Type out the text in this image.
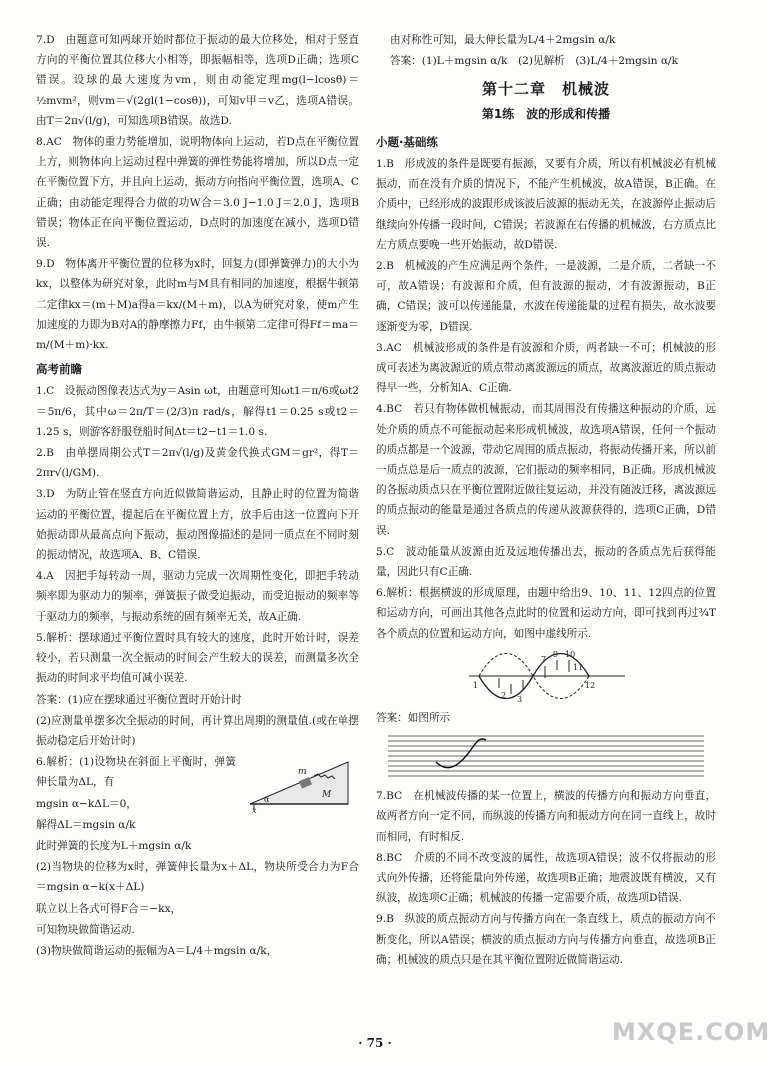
7.D　由题意可知两球开始时都位于振动的最大位移处，相对于竖直方向的平衡位置其位移大小相等，即振幅相等，选项D正确；选项C错误。设球的最大速度为vm，则由动能定理mg(l−lcosθ)＝½mvm²，则vm＝√(2gl(1−cosθ))，可知v甲＝v乙，选项A错误。由T＝2π√(l/g)，可知选项B错误。故选D.

8.AC　物体的重力势能增加，说明物体向上运动，若D点在平衡位置上方，则物体向上运动过程中弹簧的弹性势能将增加，所以D点一定在平衡位置下方，并且向上运动，振动方向指向平衡位置，选项A、C正确；由动能定理得合力做的功W合＝3.0 J−1.0 J＝2.0 J，选项B错误；物体正在向平衡位置运动，D点时的加速度在减小，选项D错误.

9.D　物体离开平衡位置的位移为x时，回复力(即弹簧弹力)的大小为kx，以整体为研究对象，此时m与M具有相同的加速度，根据牛顿第二定律kx＝(m＋M)a得a＝kx/(M＋m)，以A为研究对象，使m产生加速度的力即为B对A的静摩擦力Ff，由牛顿第二定律可得Ff＝ma＝m/(M＋m)·kx.

高考前瞻

1.C　设振动图像表达式为y＝Asin ωt，由题意可知ωt1＝π/6或ωt2＝5π/6，其中ω＝2π/T＝(2/3)π rad/s，解得t1＝0.25 s或t2＝1.25 s，则游客舒服登船时间Δt＝t2−t1＝1.0 s.

2.B　由单摆周期公式T＝2π√(l/g)及黄金代换式GM＝gr²，得T＝2πr√(l/GM).

3.D　为防止管在竖直方向近似做简谐运动，且静止时的位置为简谐运动的平衡位置，提起后在平衡位置上方，放手后由这一位置向下开始振动即从最高点向下振动，振动图像描述的是同一质点在不同时刻的振动情况，故选项A、B、C错误.

4.A　因把手每转动一周，驱动力完成一次周期性变化，即把手转动频率即为驱动力的频率，弹簧振子做受迫振动，而受迫振动的频率等于驱动力的频率，与振动系统的固有频率无关，故A正确.

5.解析：摆球通过平衡位置时具有较大的速度，此时开始计时，误差较小，若只测量一次全振动的时间会产生较大的误差，而测量多次全振动的时间求平均值可减小误差.

答案：(1)应在摆球通过平衡位置时开始计时

(2)应测量单摆多次全振动的时间，再计算出周期的测量值.(或在单摆振动稳定后开始计时)

6.解析：(1)设物块在斜面上平衡时，弹簧伸长量为ΔL，有

m
M
α
x

mgsin α−kΔL＝0，

解得ΔL＝mgsin α/k

此时弹簧的长度为L＋mgsin α/k

(2)当物块的位移为x时，弹簧伸长量为x＋ΔL，物块所受合力为F合＝mgsin α−k(x＋ΔL)

联立以上各式可得F合＝−kx，

可知物块做简谐运动.

(3)物块做简谐运动的振幅为A＝L/4＋mgsin α/k，

由对称性可知，最大伸长量为L/4＋2mgsin α/k

答案：(1)L＋mgsin α/k　(2)见解析　(3)L/4＋2mgsin α/k

第十二章　机械波
第1练　波的形成和传播
小题·基础练

1.B　形成波的条件是既要有振源，又要有介质，所以有机械波必有机械振动，而在没有介质的情况下，不能产生机械波，故A错误，B正确。在介质中，已经形成的波跟形成该波后波源的振动无关，在波源停止振动后继续向外传播一段时间，C错误；若波源在右传播的机械波，右方质点比左方质点要晚一些开始振动，故D错误.

2.B　机械波的产生应满足两个条件，一是波源，二是介质，二者缺一不可，故A错误；有波源和介质，但有波源的振动，才有波源振动，B正确，C错误；波可以传递能量，水波在传递能量的过程有损失，故水波要逐渐变为零，D错误.

3.AC　机械波形成的条件是有波源和介质，两者缺一不可；机械波的形成可表述为离波源近的质点带动离波源远的质点，故离波源近的质点振动得早一些，分析知A、C正确.

4.BC　若只有物体做机械振动，而其周围没有传播这种振动的介质，远处介质的质点不可能振动起来形成机械波，故选项A错误，任何一个振动的质点都是一个波源，带动它周围的质点振动，将振动传播开来，所以前一质点总是后一质点的波源，它们振动的频率相同，B正确。形成机械波的各振动质点只在平衡位置附近做往复运动，并没有随波迁移，离波源远的质点振动的能量是通过各质点的传递从波源获得的，选项C正确，D错误.

5.C　波动能量从波源由近及远地传播出去，振动的各质点先后获得能量，因此只有C正确.

6.解析：根据横波的形成原理，由题中给出9、10、11、12四点的位置和运动方向，可画出其他各点此时的位置和运动方向，即可找到再过¾T各个质点的位置和运动方向，如图中虚线所示.

1
2 3
7
9 10
11
12

答案：如图所示

7.BC　在机械波传播的某一位置上，横波的传播方向和振动方向垂直，故两者方向一定不同，而纵波的传播方向和振动方向在同一直线上，故时而相同，有时相反.

8.BC　介质的不同不改变波的属性，故选项A错误；波不仅将振动的形式向外传播，还将能量向外传递，故选项B正确；地震波既有横波，又有纵波，故选项C正确；机械波的传播一定需要介质，故选项D错误.

9.B　纵波的质点振动方向与传播方向在一条直线上，质点的振动方向不断变化，所以A错误；横波的质点振动方向与传播方向垂直，故选项B正确；机械波的质点只是在其平衡位置附近做简谐运动.

· 75 ·	MXQE.COM
